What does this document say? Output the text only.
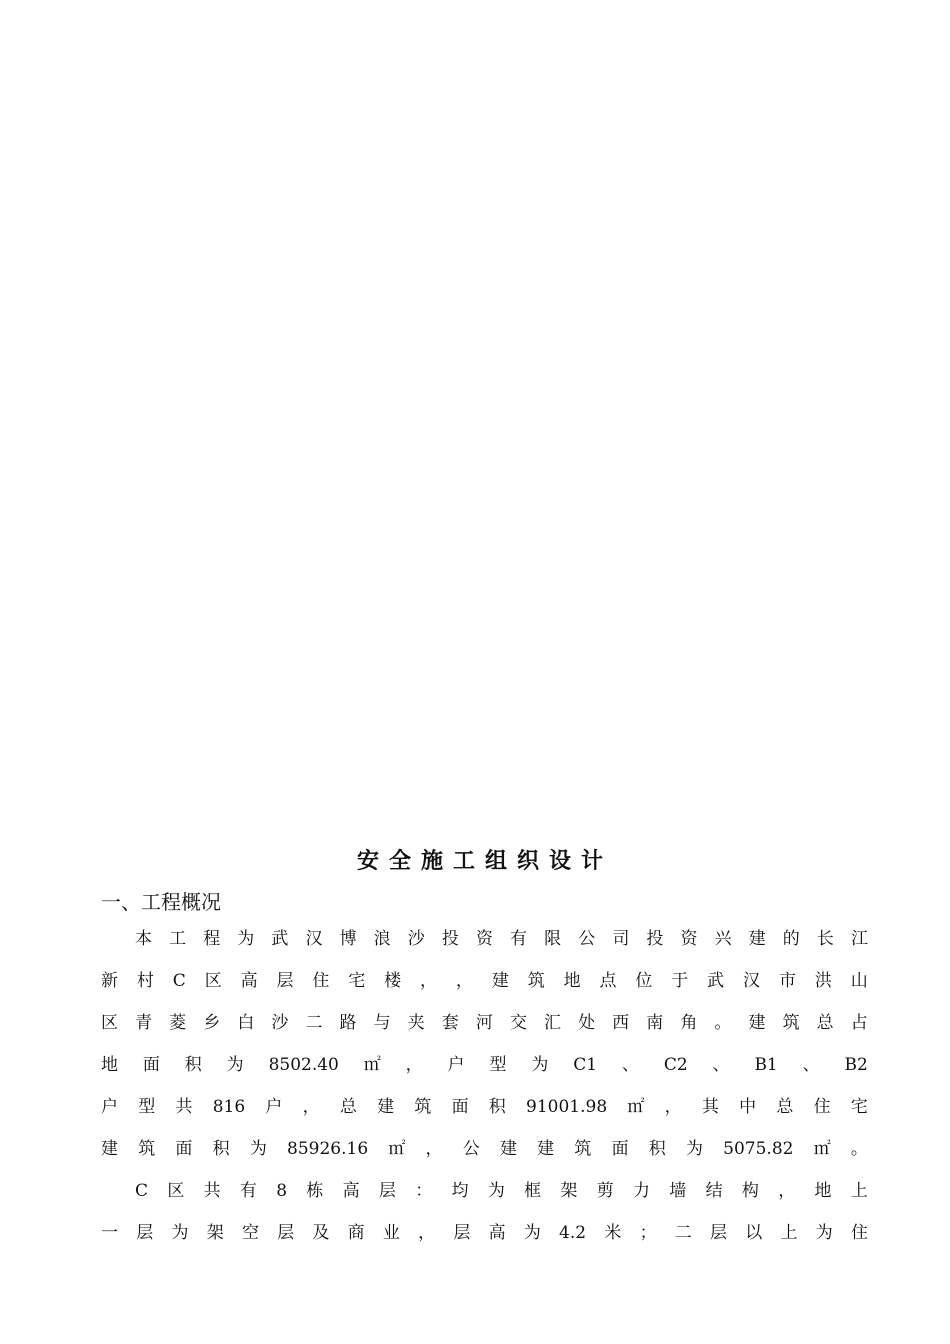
安全施工组织设计
一、工程概况
本 工 程 为 武 汉 博 浪 沙 投 资 有 限 公 司 投 资 兴 建 的 长 江
新 村 C 区 高 层 住 宅 楼 ， ， 建 筑 地 点 位 于 武 汉 市 洪 山
区 青 菱 乡 白 沙 二 路 与 夹 套 河 交 汇 处 西 南 角 。 建 筑 总 占
地 面 积 为 8502.40 ㎡ ， 户 型 为 C1 、 C2 、 B1 、 B2
户 型 共 816 户 ， 总 建 筑 面 积 91001.98 ㎡ ， 其 中 总 住 宅
建 筑 面 积 为 85926.16 ㎡ ， 公 建 建 筑 面 积 为 5075.82 ㎡ 。
C 区 共 有 8 栋 高 层 ： 均 为 框 架 剪 力 墙 结 构 ， 地 上
一 层 为 架 空 层 及 商 业 ， 层 高 为 4.2 米 ； 二 层 以 上 为 住
